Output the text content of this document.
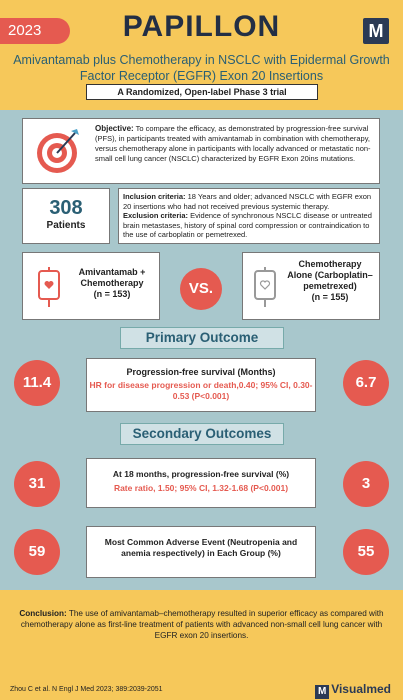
2023	PAPILLON	M
Amivantamab plus Chemotherapy in NSCLC with Epidermal Growth Factor Receptor (EGFR) Exon 20 Insertions
A Randomized, Open-label Phase 3 trial
Objective: To compare the efficacy, as demonstrated by progression-free survival (PFS), in participants treated with amivantamab in combination with chemotherapy, versus chemotherapy alone in participants with locally advanced or metastatic non-small cell lung cancer (NSCLC) characterized by EGFR Exon 20ins mutations.
308
Patients
Inclusion criteria: 18 Years and older; advanced NSCLC with EGFR exon 20 insertions who had not received previous systemic therapy.
Exclusion criteria: Evidence of synchronous NSCLC disease or untreated brain metastases, history of spinal cord compression or contraindication to the use of carboplatin or pemetrexed.
Amivantamab + Chemotherapy
(n = 153)	VS.
Chemotherapy Alone (Carboplatin–pemetrexed)
(n = 155)
Primary Outcome
11.4
Progression-free survival (Months)
HR for disease progression or death,0.40; 95% CI, 0.30-0.53 (P<0.001)
6.7
Secondary Outcomes
31
At 18 months, progression-free survival (%)
Rate ratio, 1.50; 95% CI, 1.32-1.68 (P<0.001)	3
59
Most Common Adverse Event (Neutropenia and anemia respectively) in Each Group (%)	55
Conclusion: The use of amivantamab–chemotherapy resulted in superior efficacy as compared with chemotherapy alone as first-line treatment of patients with advanced non-small cell lung cancer with EGFR exon 20 insertions.
Zhou C et al. N Engl J Med 2023; 389:2039-2051	M Visualmed
